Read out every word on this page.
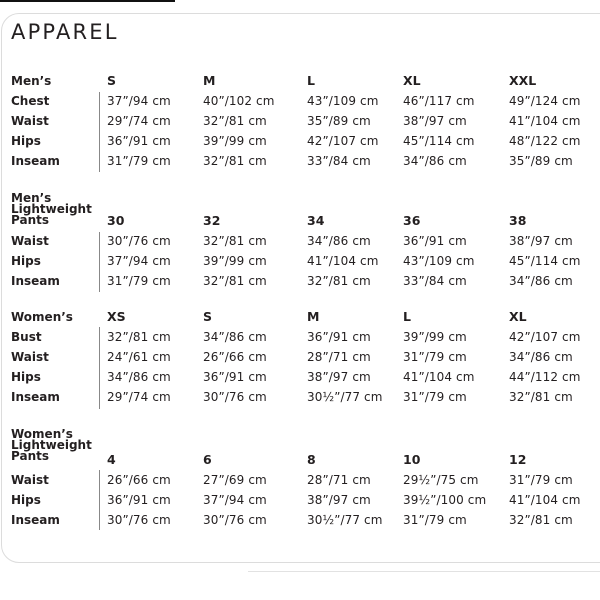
APPAREL
Men’s	S	M	L	XL	XXL
Chest	37”/94 cm	40”/102 cm	43”/109 cm 46”/117 cm	49”/124 cm
Waist	29”/74 cm	32”/81 cm	35”/89 cm	38”/97 cm	41”/104 cm
Hips	36”/91 cm	39”/99 cm	42”/107 cm 45”/114 cm	48”/122 cm
Inseam	31”/79 cm	32”/81 cm	33”/84 cm	34”/86 cm	35”/89 cm
Men’s
Lightweight
Pants	30	32	34	36	38
Waist	30”/76 cm	32”/81 cm	34”/86 cm	36”/91 cm	38”/97 cm
Hips	37”/94 cm	39”/99 cm	41”/104 cm 43”/109 cm	45”/114 cm
Inseam	31”/79 cm	32”/81 cm	32”/81 cm	33”/84 cm	34”/86 cm
Women’s	XS	S	M	L	XL
Bust	32”/81 cm	34”/86 cm	36”/91 cm	39”/99 cm	42”/107 cm
Waist	24”/61 cm	26”/66 cm	28”/71 cm	31”/79 cm	34”/86 cm
Hips	34”/86 cm	36”/91 cm	38”/97 cm	41”/104 cm	44”/112 cm
Inseam	29”/74 cm	30”/76 cm	30½”/77 cm 31”/79 cm	32”/81 cm
Women’s
Lightweight
Pants	4	6	8	10	12
Waist	26”/66 cm	27”/69 cm	28”/71 cm	29½”/75 cm	31”/79 cm
Hips	36”/91 cm	37”/94 cm	38”/97 cm	39½”/100 cm 41”/104 cm
Inseam	30”/76 cm	30”/76 cm	30½”/77 cm 31”/79 cm	32”/81 cm
